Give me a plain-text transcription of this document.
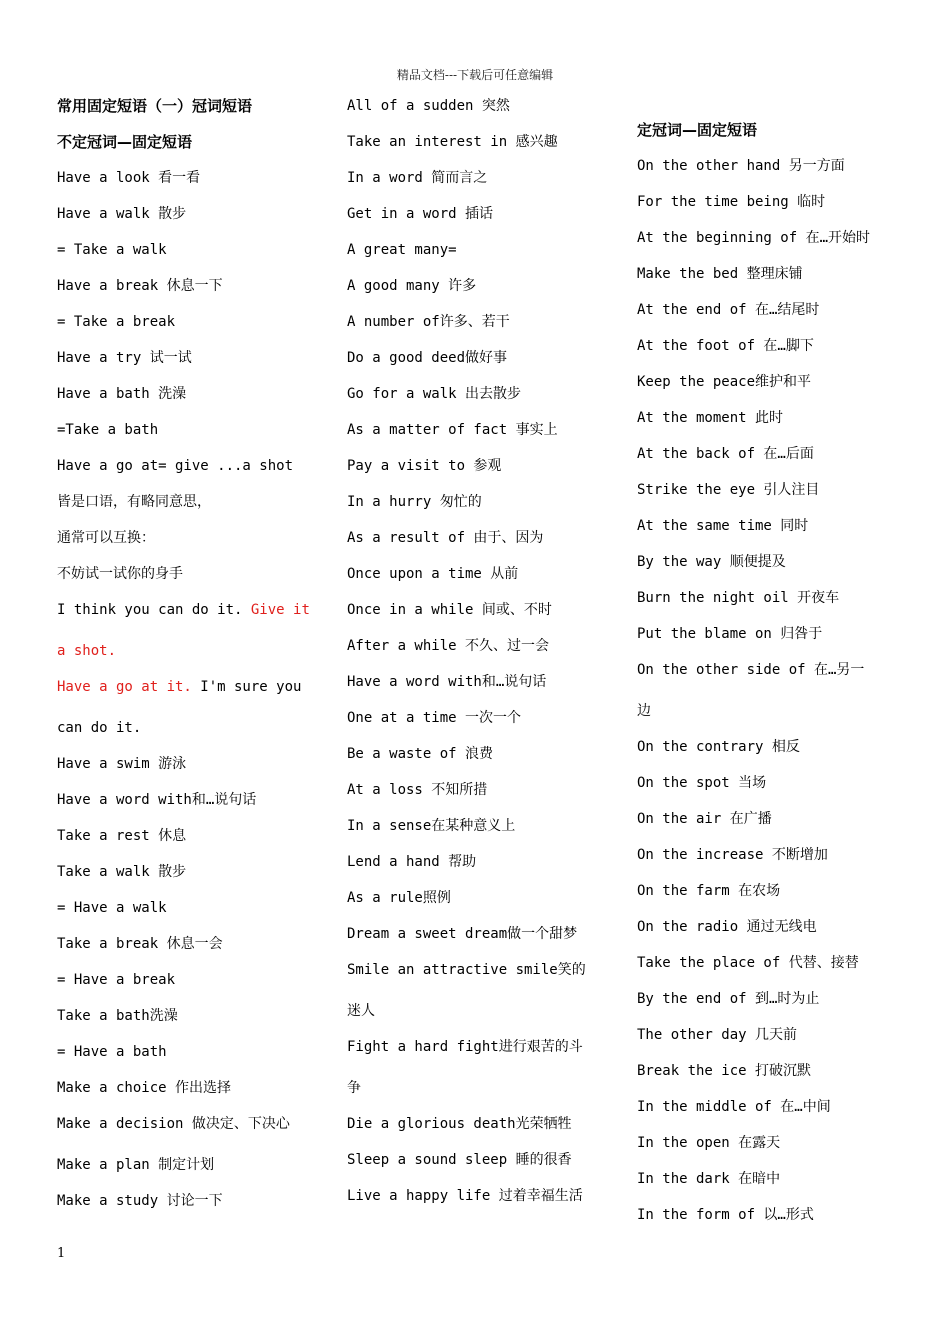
精品文档---下载后可任意编辑
常用固定短语（一）冠词短语
不定冠词—固定短语
Have a look 看一看
Have a walk 散步
= Take a walk
Have a break 休息一下
= Take a break
Have a try 试一试
Have a bath 洗澡
=Take a bath
Have a go at= give ...a shot
皆是口语，有略同意思，
通常可以互换：
不妨试一试你的身手
I think you can do it. Give it
a shot.
Have a go at it. I'm sure you
can do it.
Have a swim 游泳
Have a word with和…说句话
Take a rest 休息
Take a walk 散步
= Have a walk
Take a break 休息一会
= Have a break
Take a bath洗澡
= Have a bath
Make a choice 作出选择
Make a decision 做决定、下决心
Make a plan 制定计划
Make a study 讨论一下
All of a sudden 突然
Take an interest in 感兴趣
In a word 简而言之
Get in a word 插话
A great many=
A good many 许多
A number of许多、若干
Do a good deed做好事
Go for a walk 出去散步
As a matter of fact 事实上
Pay a visit to 参观
In a hurry 匆忙的
As a result of 由于、因为
Once upon a time 从前
Once in a while 间或、不时
After a while 不久、过一会
Have a word with和…说句话
One at a time 一次一个
Be a waste of 浪费
At a loss 不知所措
In a sense在某种意义上
Lend a hand 帮助
As a rule照例
Dream a sweet dream做一个甜梦
Smile an attractive smile笑的
迷人
Fight a hard fight进行艰苦的斗
争
Die a glorious death光荣牺牲
Sleep a sound sleep 睡的很香
Live a happy life 过着幸福生活
定冠词—固定短语
On the other hand 另一方面
For the time being 临时
At the beginning of 在…开始时
Make the bed 整理床铺
At the end of 在…结尾时
At the foot of 在…脚下
Keep the peace维护和平
At the moment 此时
At the back of 在…后面
Strike the eye 引人注目
At the same time 同时
By the way 顺便提及
Burn the night oil 开夜车
Put the blame on 归咎于
On the other side of 在…另一
边
On the contrary 相反
On the spot 当场
On the air 在广播
On the increase 不断增加
On the farm 在农场
On the radio 通过无线电
Take the place of 代替、接替
By the end of 到…时为止
The other day 几天前
Break the ice 打破沉默
In the middle of 在…中间
In the open 在露天
In the dark 在暗中
In the form of 以…形式
1
